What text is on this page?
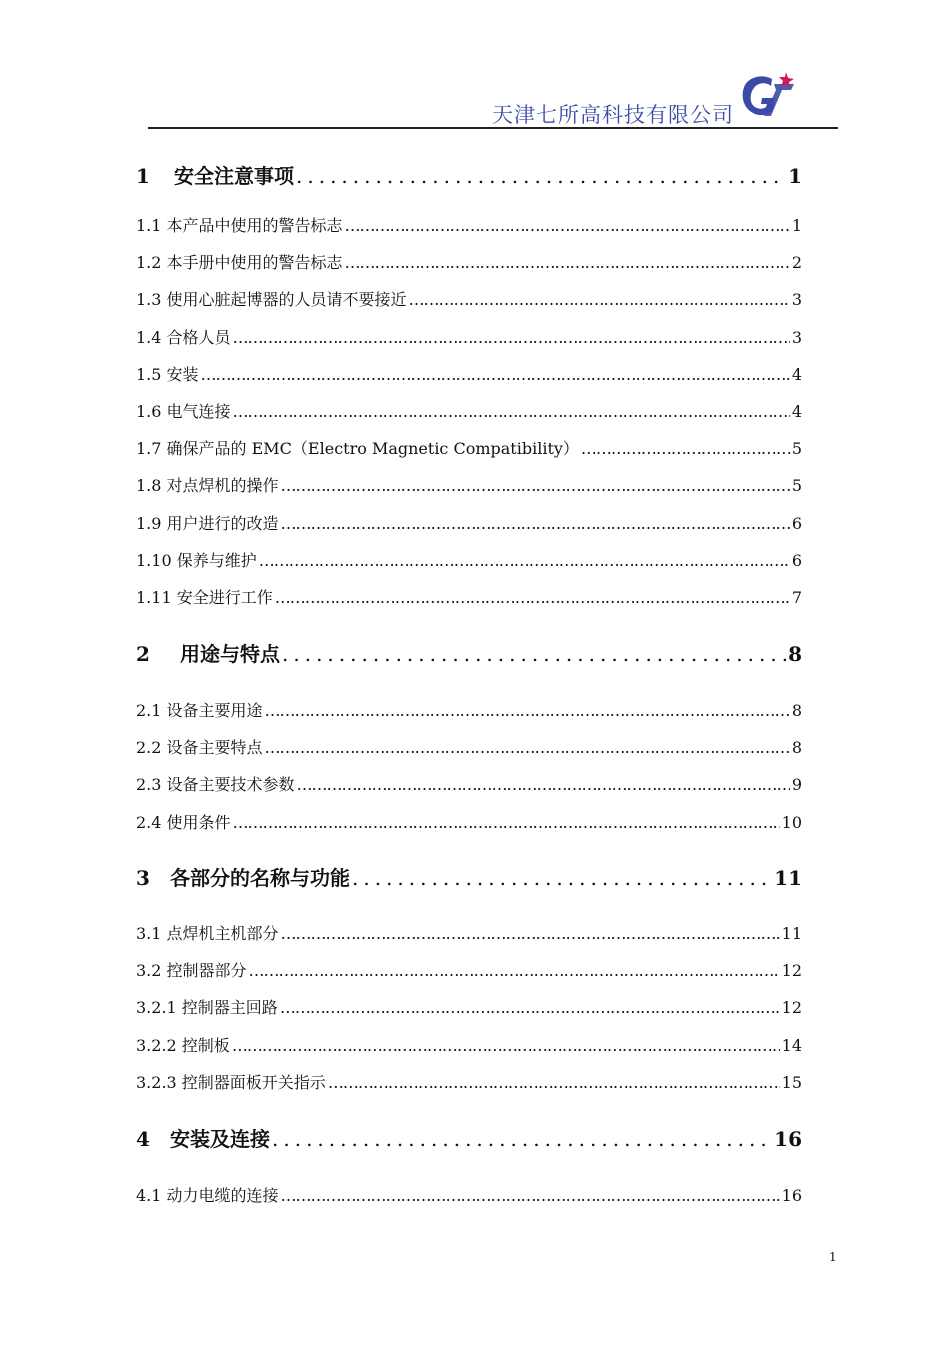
天津七所高科技有限公司
1 安全注意事项 .....	1
1.1 本产品中使用的警告标志 …………………………………………………………………………………………………………………………	1
1.2 本手册中使用的警告标志 …………………………………………………………………………………………………………………………	2
1.3 使用心脏起博器的人员请不要接近 …………………………………………………………………………………………………………………………	3
1.4 合格人员 …………………………………………………………………………………………………………………………	3
1.5 安装 …………………………………………………………………………………………………………………………	4
1.6 电气连接 …………………………………………………………………………………………………………………………	4
1.7 确保产品的 EMC（Electro Magnetic Compatibility） …………………………………………………………………………………………………………………………	5
1.8 对点焊机的操作 …………………………………………………………………………………………………………………………	5
1.9 用户进行的改造 …………………………………………………………………………………………………………………………	6
1.10 保养与维护 …………………………………………………………………………………………………………………………	6
1.11 安全进行工作 …………………………………………………………………………………………………………………………	7
2 用途与特点 .....	8
2.1 设备主要用途 …………………………………………………………………………………………………………………………	8
2.2 设备主要特点 …………………………………………………………………………………………………………………………	8
2.3 设备主要技术参数 …………………………………………………………………………………………………………………………	9
2.4 使用条件 …………………………………………………………………………………………………………………………	10
3 各部分的名称与功能 .....	11
3.1 点焊机主机部分 …………………………………………………………………………………………………………………………	11
3.2 控制器部分 …………………………………………………………………………………………………………………………	12
3.2.1 控制器主回路 …………………………………………………………………………………………………………………………	12
3.2.2 控制板 …………………………………………………………………………………………………………………………	14
3.2.3 控制器面板开关指示 …………………………………………………………………………………………………………………………	15
4 安装及连接 .....	16
4.1 动力电缆的连接 …………………………………………………………………………………………………………………………	16
1
